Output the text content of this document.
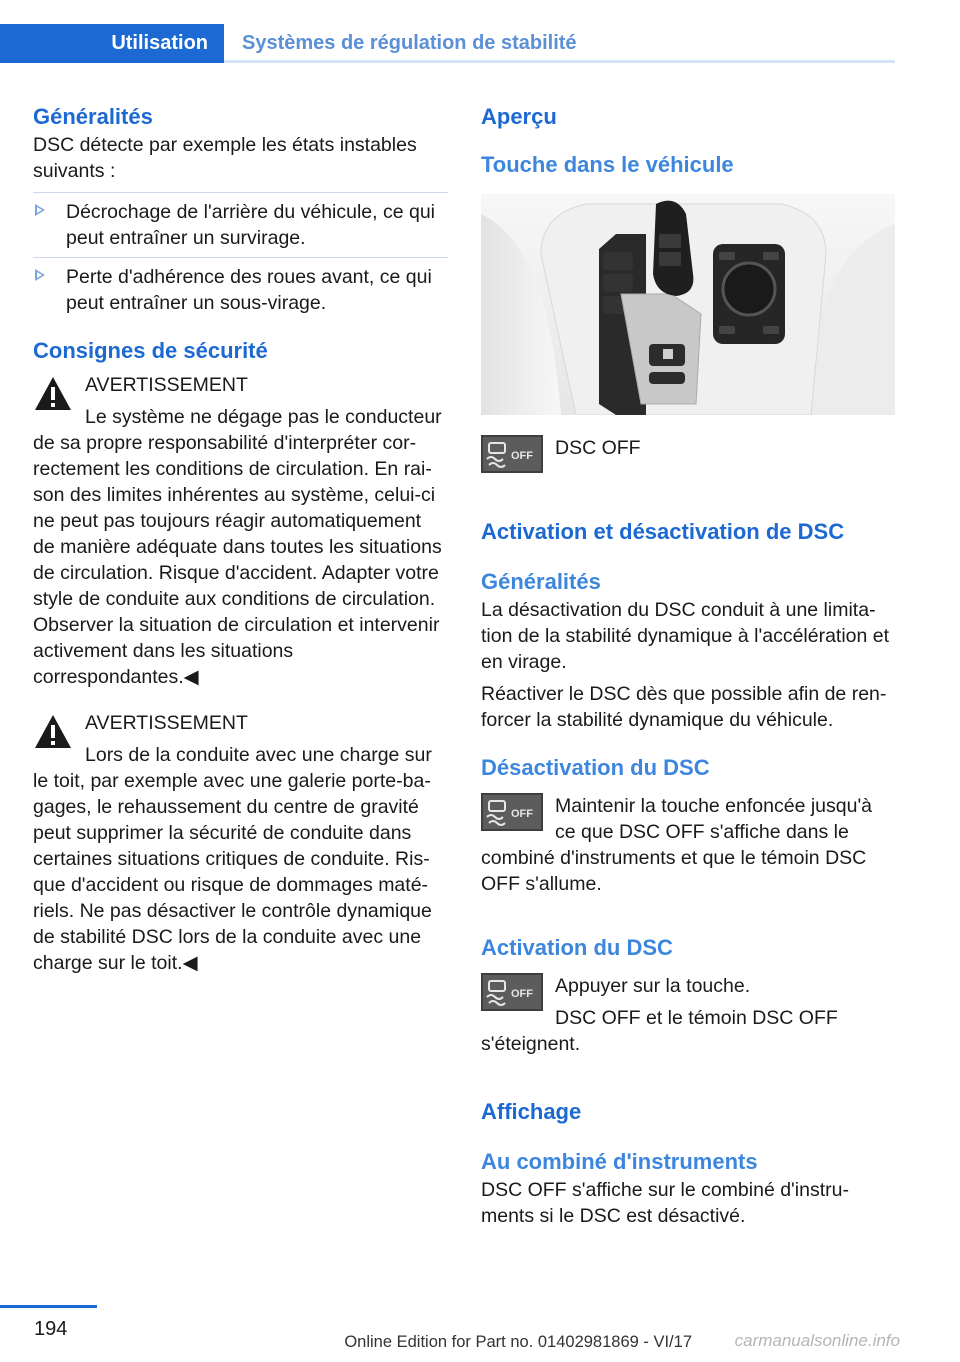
Utilisation	Systèmes de régulation de stabilité
Généralités
DSC détecte par exemple les états instables suivants :
Décrochage de l'arrière du véhicule, ce qui peut entraîner un survirage.
Perte d'adhérence des roues avant, ce qui peut entraîner un sous-virage.
Consignes de sécurité
AVERTISSEMENT
Le système ne dégage pas le conducteur de sa propre responsabilité d'interpréter correctement les conditions de circulation. En raison des limites inhérentes au système, celui-ci ne peut pas toujours réagir automatiquement de manière adéquate dans toutes les situations de circulation. Risque d'accident. Adapter votre style de conduite aux conditions de circulation. Observer la situation de circulation et intervenir activement dans les situations correspondantes.◀
AVERTISSEMENT
Lors de la conduite avec une charge sur le toit, par exemple avec une galerie porte-bagages, le rehaussement du centre de gravité peut supprimer la sécurité de conduite dans certaines situations critiques de conduite. Risque d'accident ou risque de dommages matériels. Ne pas désactiver le contrôle dynamique de stabilité DSC lors de la conduite avec une charge sur le toit.◀
Aperçu
Touche dans le véhicule
OFF	DSC OFF
Activation et désactivation de DSC
Généralités
La désactivation du DSC conduit à une limitation de la stabilité dynamique à l'accélération et en virage.
Réactiver le DSC dès que possible afin de renforcer la stabilité dynamique du véhicule.
Désactivation du DSC
OFF	Maintenir la touche enfoncée jusqu'à ce que DSC OFF s'affiche dans le combiné d'instruments et que le témoin DSC OFF s'allume.
Activation du DSC
OFF	Appuyer sur la touche.
DSC OFF et le témoin DSC OFF s'éteignent.
Affichage
Au combiné d'instruments
DSC OFF s'affiche sur le combiné d'instruments si le DSC est désactivé.
194
Online Edition for Part no. 01402981869 - VI/17	carmanualsonline.info
